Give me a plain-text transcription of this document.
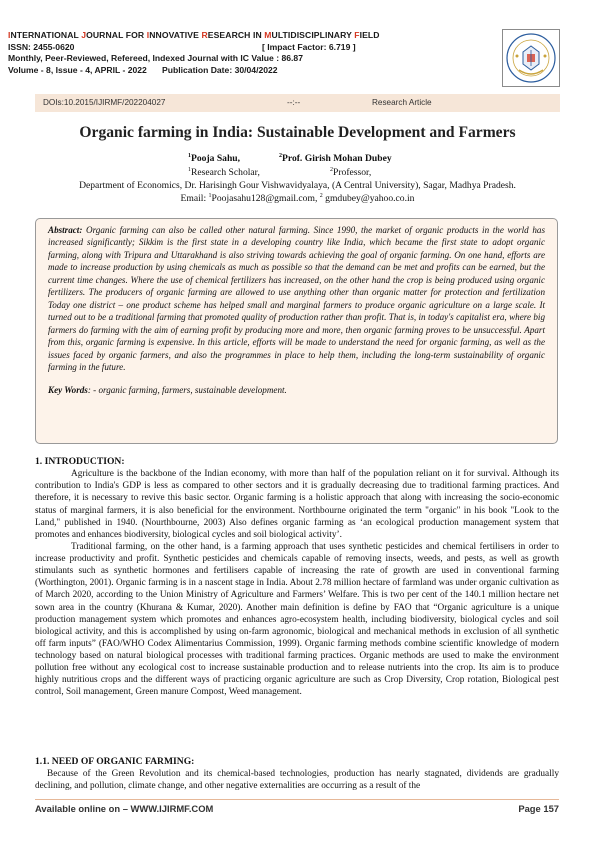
INTERNATIONAL JOURNAL FOR INNOVATIVE RESEARCH IN MULTIDISCIPLINARY FIELD
ISSN: 2455-0620	[ Impact Factor: 6.719 ]
Monthly, Peer-Reviewed, Refereed, Indexed Journal with IC Value : 86.87
Volume - 8, Issue - 4, APRIL - 2022 Publication Date: 30/04/2022
DOIs:10.2015/IJIRMF/202204027	--:--	Research Article
Organic farming in India: Sustainable Development and Farmers
$^1$Pooja Sahu,	$^2$Prof. Girish Mohan Dubey
$^1$Research Scholar,	$^2$Professor,
Department of Economics, Dr. Harisingh Gour Vishwavidyalaya, (A Central University), Sagar, Madhya Pradesh.
Email: $^1$Poojasahu128@gmail.com, $^2$ gmdubey@yahoo.co.in
Abstract: Organic farming can also be called other natural farming. Since 1990, the market of organic products in the world has increased significantly; Sikkim is the first state in a developing country like India, which became the first state to adopt organic farming, along with Tripura and Uttarakhand is also striving towards achieving the goal of organic farming. On one hand, efforts are made to increase production by using chemicals as much as possible so that the demand can be met and profits can be earned, but the current time changes. Where the use of chemical fertilizers has increased, on the other hand the crop is being produced using organic fertilizers. The producers of organic farming are allowed to use anything other than organic matter for protection and fertilization Today one district – one product scheme has helped small and marginal farmers to produce organic agriculture on a large scale. It turned out to be a traditional farming that promoted quality of production rather than profit. That is, in today's capitalist era, where big farmers do farming with the aim of earning profit by producing more and more, then organic farming proves to be unsuccessful. Apart from this, organic farming is expensive. In this article, efforts will be made to understand the need for organic farming, as well as the issues faced by organic farmers, and also the programmes in place to help them, including the long-term sustainability of organic farming in the future.
Key Words: - organic farming, farmers, sustainable development.
1. INTRODUCTION:

Agriculture is the backbone of the Indian economy, with more than half of the population reliant on it for survival. Although its contribution to India's GDP is less as compared to other sectors and it is gradually decreasing due to traditional farming practices. And therefore, it is necessary to revive this basic sector. Organic farming is a holistic approach that along with increasing the socio-economic status of marginal farmers, it is also beneficial for the environment. Northbourne originated the term "organic" in his book "Look to the Land," published in 1940. (Nourthbourne, 2003) Also defines organic farming as ‘an ecological production management system that promotes and enhances biodiversity, biological cycles and soil biological activity’.

Traditional farming, on the other hand, is a farming approach that uses synthetic pesticides and chemical fertilisers in order to increase productivity and profit. Synthetic pesticides and chemicals capable of removing insects, weeds, and pests, as well as growth stimulants such as synthetic hormones and fertilisers capable of increasing the rate of growth are used in conventional farming (Worthington, 2001). Organic farming is in a nascent stage in India. About 2.78 million hectare of farmland was under organic cultivation as of March 2020, according to the Union Ministry of Agriculture and Farmers’ Welfare. This is two per cent of the 140.1 million hectare net sown area in the country (Khurana & Kumar, 2020). Another main definition is define by FAO that “Organic agriculture is a unique production management system which promotes and enhances agro-ecosystem health, including biodiversity, biological cycles and soil biological activity, and this is accomplished by using on-farm agronomic, biological and mechanical methods in exclusion of all synthetic off farm inputs” (FAO/WHO Codex Alimentarius Commission, 1999). Organic farming methods combine scientific knowledge of modern technology based on natural biological processes with traditional farming practices. Organic methods are used to make the environment pollution free without any ecological cost to increase sustainable production and to release nutrients into the crop. Its aim is to produce highly nutritious crops and the different ways of practicing organic agriculture are such as Crop Diversity, Crop rotation, Biological pest control, Soil management, Green manure Compost, Weed management.

1.1. NEED OF ORGANIC FARMING:

Because of the Green Revolution and its chemical-based technologies, production has nearly stagnated, dividends are gradually declining, and pollution, climate change, and other negative externalities are occurring as a result of the

Available online on – WWW.IJIRMF.COM	Page 157
